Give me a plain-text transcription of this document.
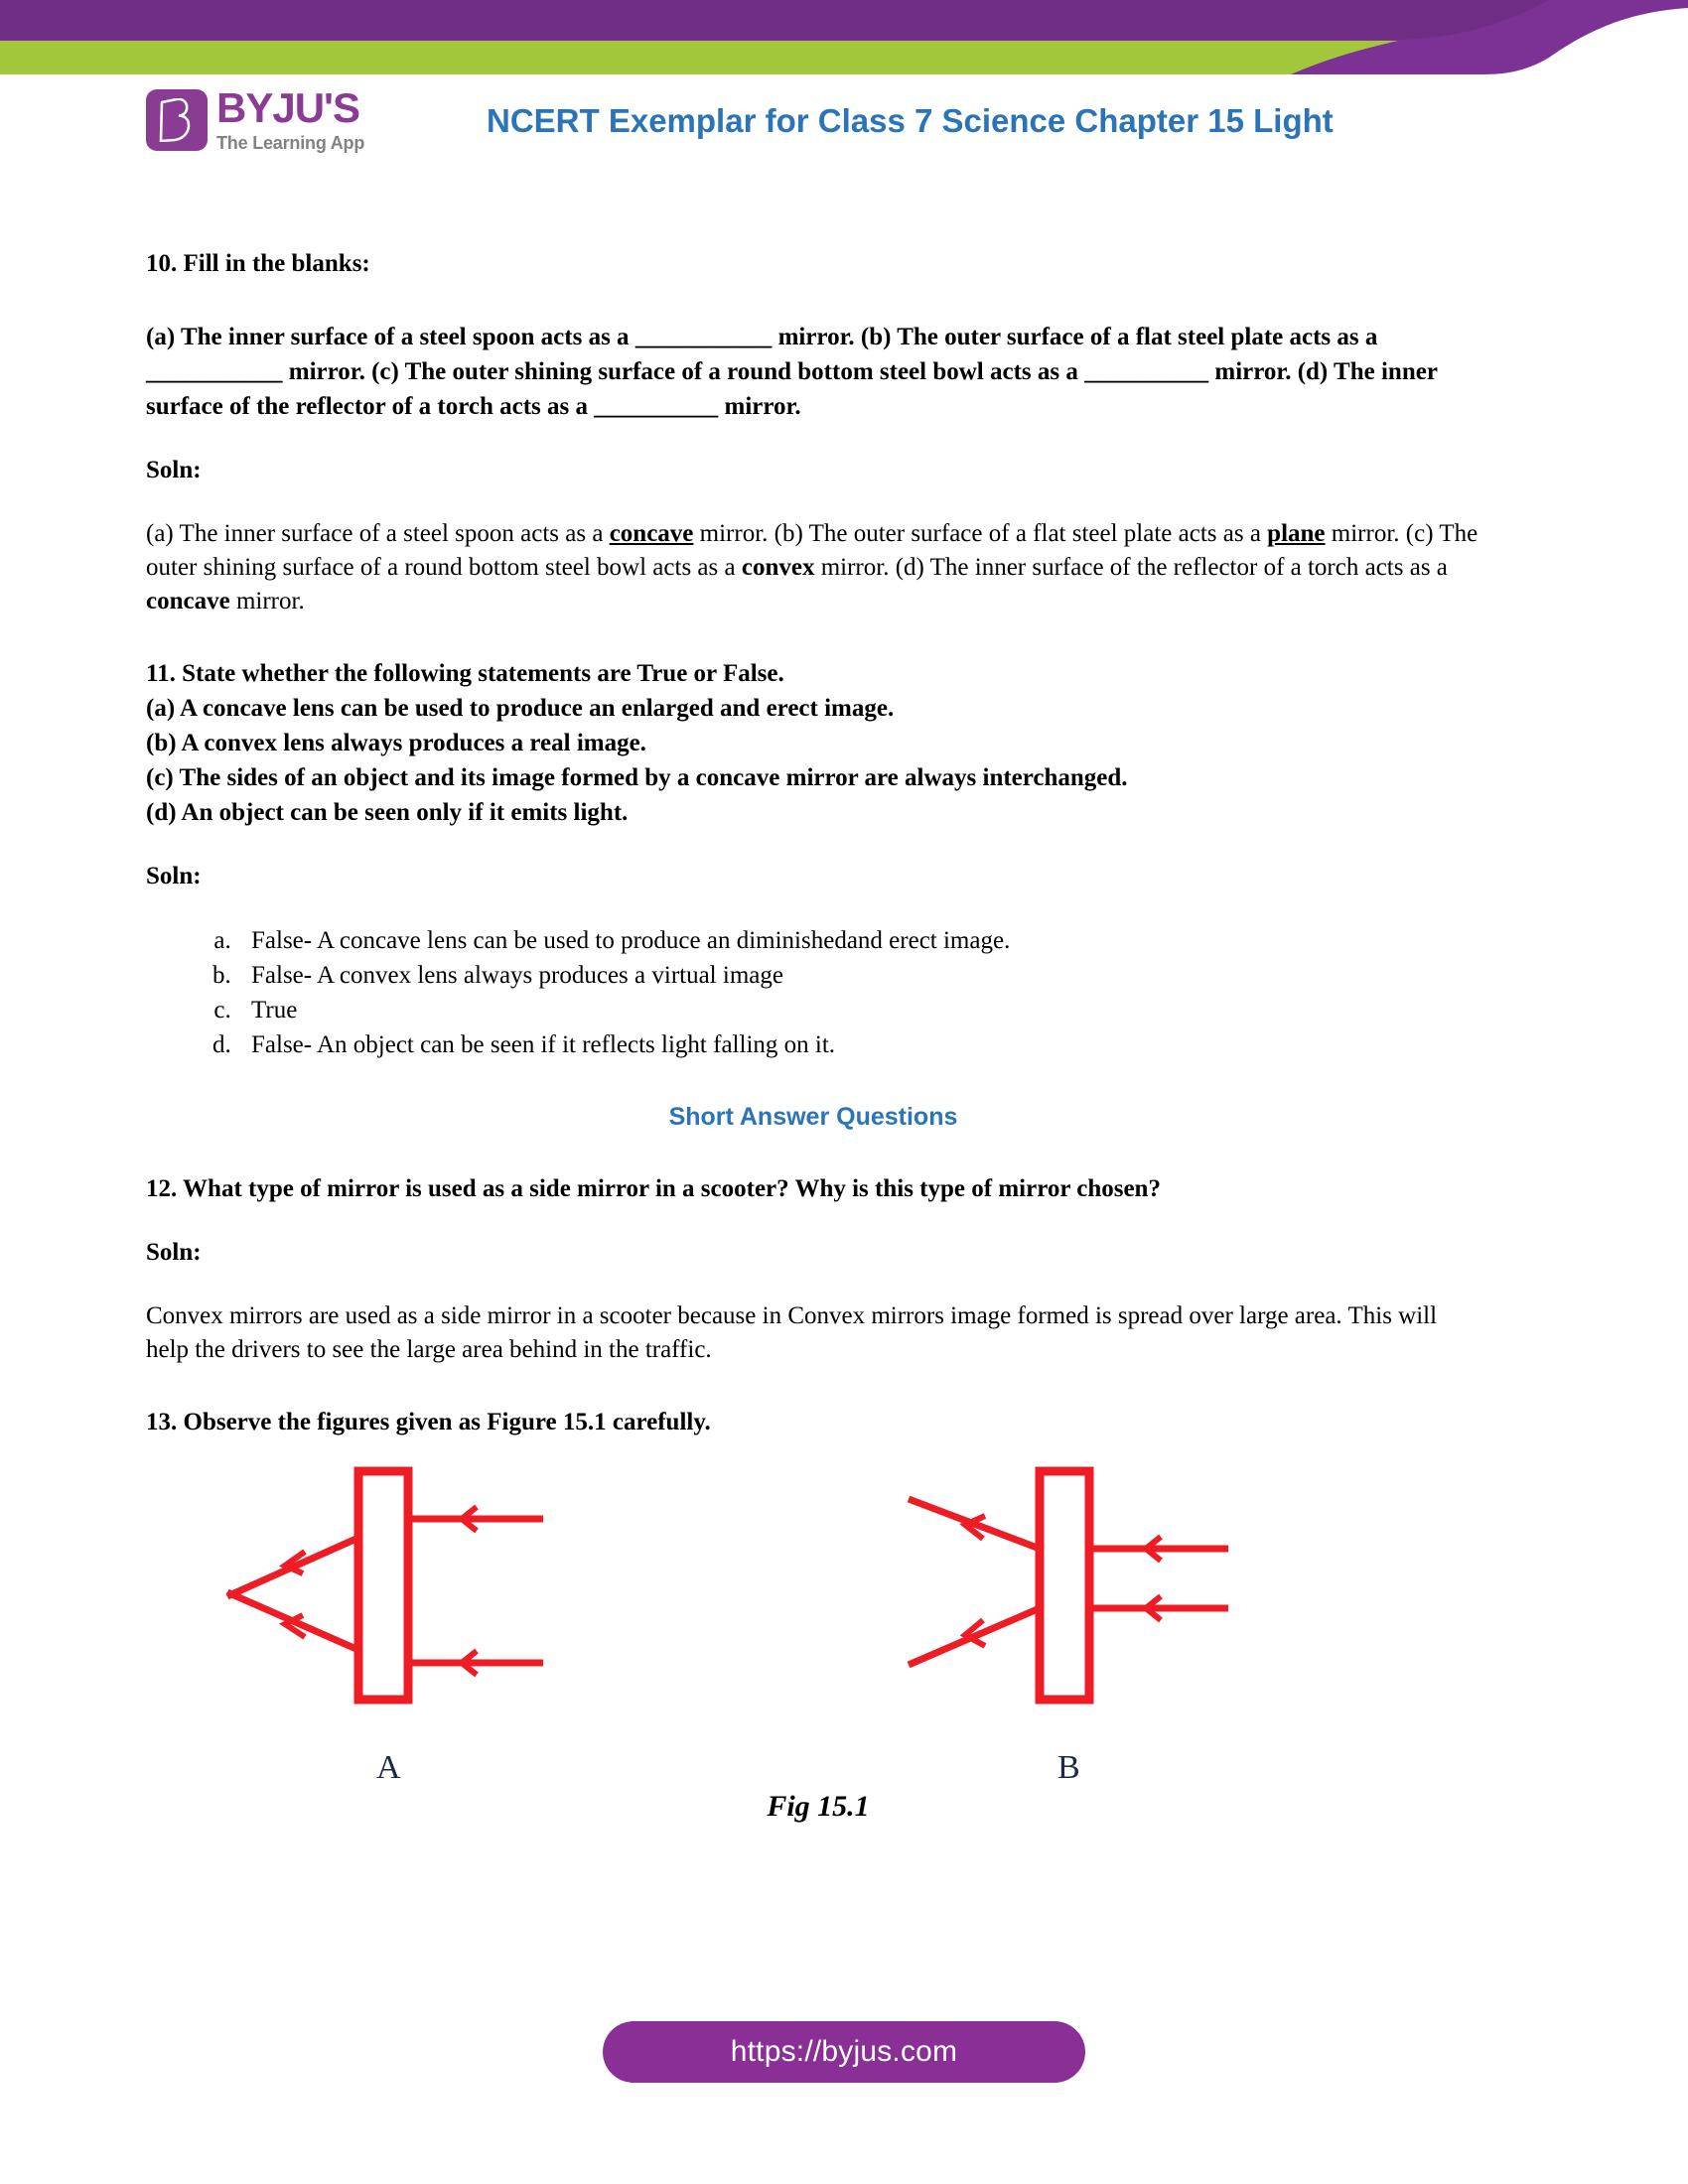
BYJU'S
The Learning App
NCERT Exemplar for Class 7 Science Chapter 15 Light

10. Fill in the blanks:

(a) The inner surface of a steel spoon acts as a ___________ mirror. (b) The outer surface of a flat steel plate acts as a ___________ mirror. (c) The outer shining surface of a round bottom steel bowl acts as a __________ mirror. (d) The inner surface of the reflector of a torch acts as a __________ mirror.

Soln:

(a) The inner surface of a steel spoon acts as a concave mirror. (b) The outer surface of a flat steel plate acts as a plane mirror. (c) The outer shining surface of a round bottom steel bowl acts as a convex mirror. (d) The inner surface of the reflector of a torch acts as a concave mirror.

11. State whether the following statements are True or False.

(a) A concave lens can be used to produce an enlarged and erect image.

(b) A convex lens always produces a real image.

(c) The sides of an object and its image formed by a concave mirror are always interchanged.

(d) An object can be seen only if it emits light.

Soln:

a. False- A concave lens can be used to produce an diminishedand erect image.
b. False- A convex lens always produces a virtual image
c. True
d. False- An object can be seen if it reflects light falling on it.

Short Answer Questions

12. What type of mirror is used as a side mirror in a scooter? Why is this type of mirror chosen?

Soln:

Convex mirrors are used as a side mirror in a scooter because in Convex mirrors image formed is spread over large area. This will help the drivers to see the large area behind in the traffic.

13. Observe the figures given as Figure 15.1 carefully.

A	B

Fig 15.1

https://byjus.com
